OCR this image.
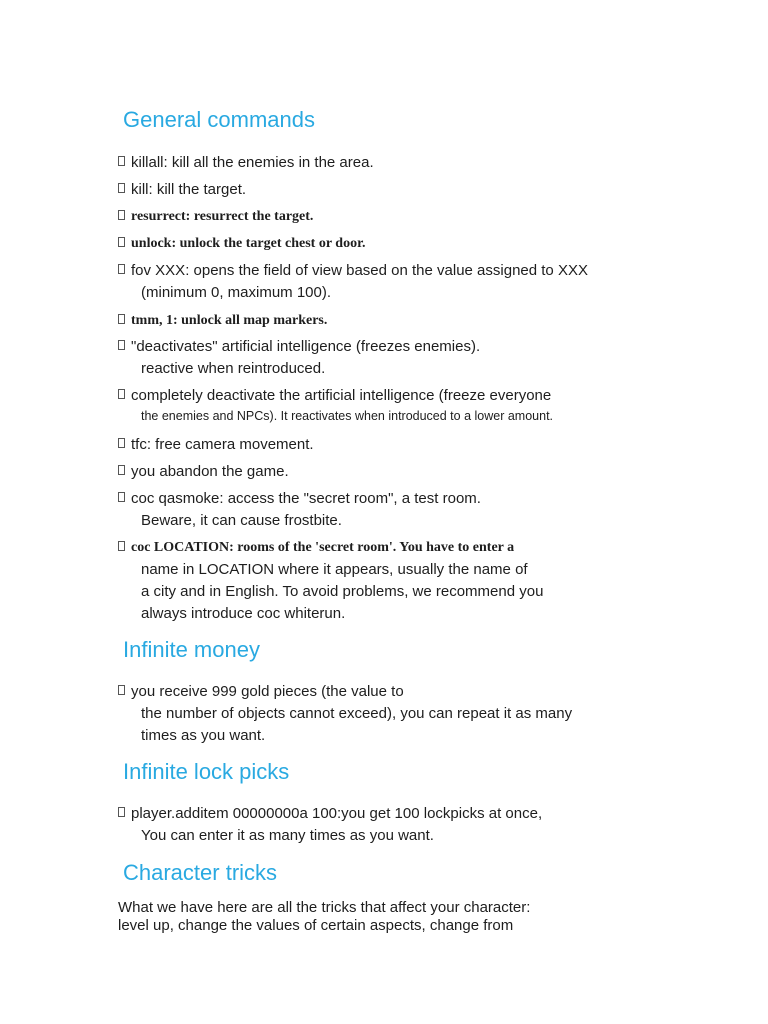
General commands
killall: kill all the enemies in the area.
kill: kill the target.
resurrect: resurrect the target.
unlock: unlock the target chest or door.
fov XXX: opens the field of view based on the value assigned to XXX
(minimum 0, maximum 100).
tmm, 1: unlock all map markers.
"deactivates" artificial intelligence (freezes enemies).
reactive when reintroduced.
completely deactivate the artificial intelligence (freeze everyone
the enemies and NPCs). It reactivates when introduced to a lower amount.
tfc: free camera movement.
you abandon the game.
coc qasmoke: access the "secret room", a test room.
Beware, it can cause frostbite.
coc LOCATION: rooms of the 'secret room'. You have to enter a
name in LOCATION where it appears, usually the name of
a city and in English. To avoid problems, we recommend you
always introduce coc whiterun.
Infinite money
you receive 999 gold pieces (the value to
the number of objects cannot exceed), you can repeat it as many
times as you want.
Infinite lock picks
player.additem 00000000a 100:you get 100 lockpicks at once,
You can enter it as many times as you want.
Character tricks
What we have here are all the tricks that affect your character:
level up, change the values of certain aspects, change from
